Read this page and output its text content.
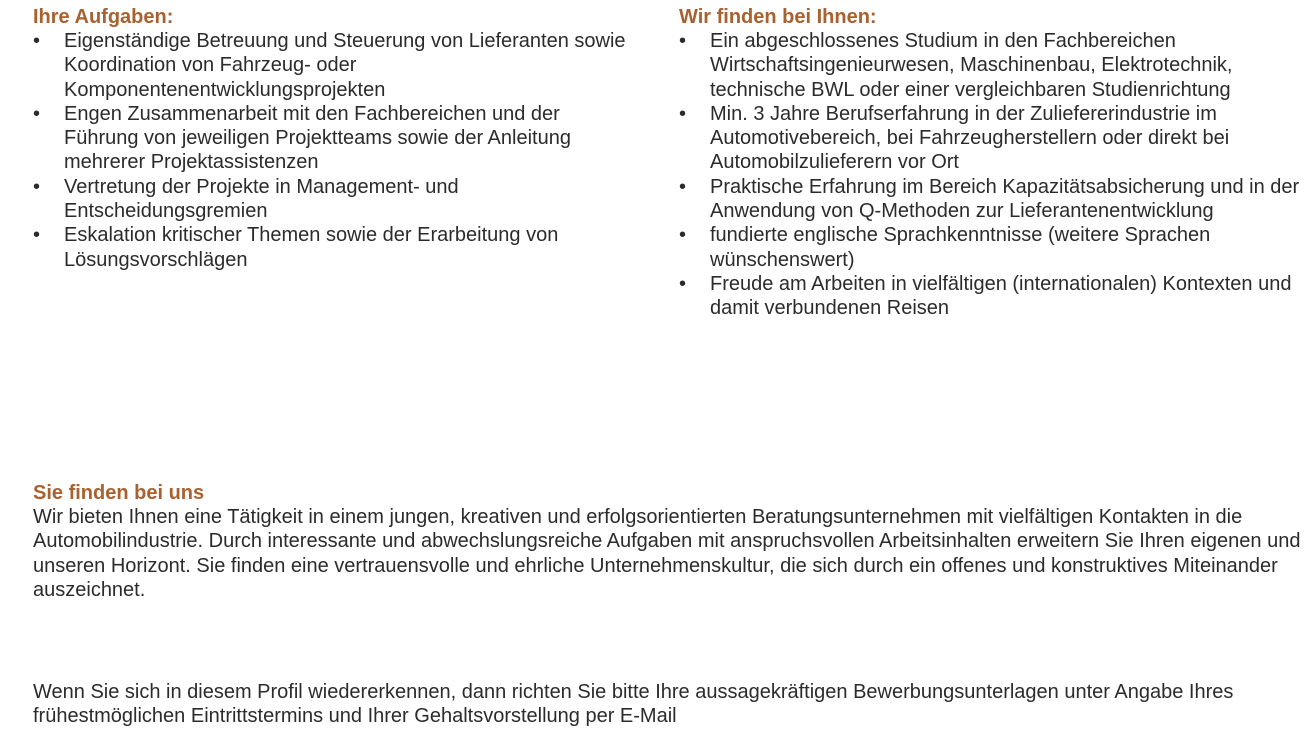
Ihre Aufgaben:
•	Eigenständige Betreuung und Steuerung von Lieferanten sowie Koordination von Fahrzeug- oder Komponentenentwicklungsprojekten
•	Engen Zusammenarbeit mit den Fachbereichen und der Führung von jeweiligen Projektteams sowie der Anleitung mehrerer Projektassistenzen
•	Vertretung der Projekte in Management- und Entscheidungsgremien
•	Eskalation kritischer Themen sowie der Erarbeitung von Lösungsvorschlägen
Wir finden bei Ihnen:
•	Ein abgeschlossenes Studium in den Fachbereichen Wirtschaftsingenieurwesen, Maschinenbau, Elektrotechnik, technische BWL oder einer vergleichbaren Studienrichtung
•	Min. 3 Jahre Berufserfahrung in der Zuliefererindustrie im Automotivebereich, bei Fahrzeugherstellern oder direkt bei Automobilzulieferern vor Ort
•	Praktische Erfahrung im Bereich Kapazitätsabsicherung und in der Anwendung von Q-Methoden zur Lieferantenentwicklung
•	fundierte englische Sprachkenntnisse (weitere Sprachen wünschenswert)
•	Freude am Arbeiten in vielfältigen (internationalen) Kontexten und damit verbundenen Reisen
Sie finden bei uns

Wir bieten Ihnen eine Tätigkeit in einem jungen, kreativen und erfolgsorientierten Beratungsunternehmen mit vielfältigen Kontakten in die Automobilindustrie. Durch interessante und abwechslungsreiche Aufgaben mit anspruchsvollen Arbeitsinhalten erweitern Sie Ihren eigenen und unseren Horizont. Sie finden eine vertrauensvolle und ehrliche Unternehmenskultur, die sich durch ein offenes und konstruktives Miteinander auszeichnet.

Wenn Sie sich in diesem Profil wiedererkennen, dann richten Sie bitte Ihre aussagekräftigen Bewerbungsunterlagen unter Angabe Ihres frühestmöglichen Eintrittstermins und Ihrer Gehaltsvorstellung per E-Mail
